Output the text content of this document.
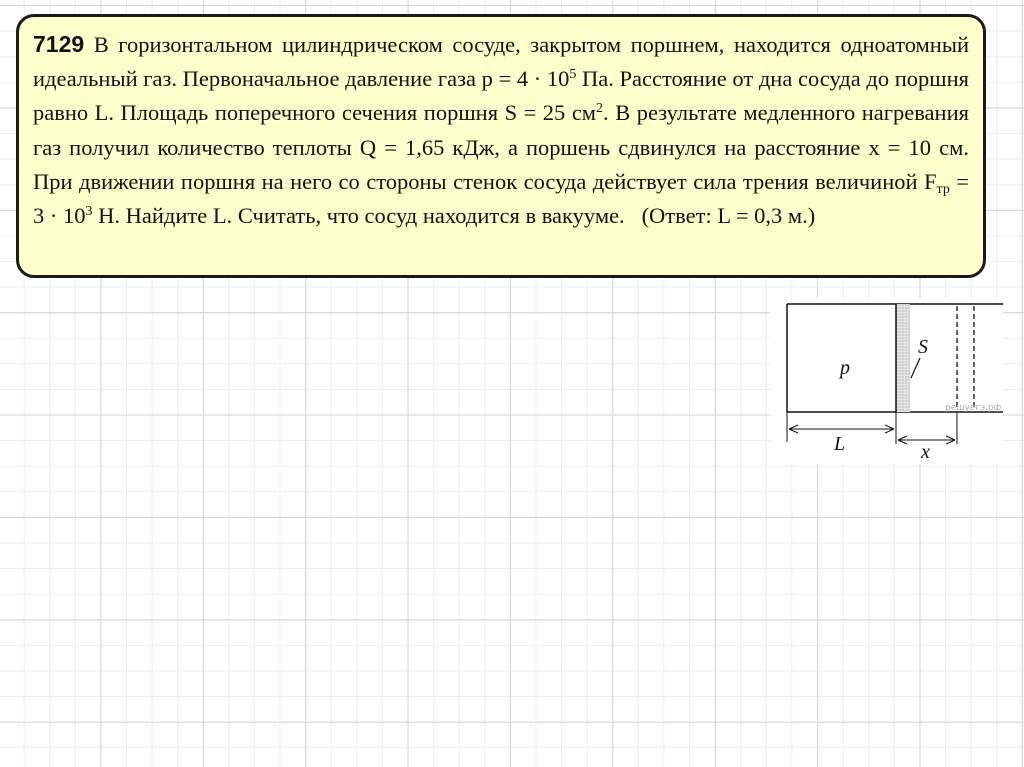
7129 В горизонтальном цилиндрическом сосуде, закрытом поршнем, находится одноатомный идеальный газ. Первоначальное давление газа $p = 4 \cdot 10^5$ Па. Расстояние от дна сосуда до поршня равно L. Площадь поперечного сечения поршня S = 25 $см^2$. В результате медленного нагревания газ получил количество теплоты Q = 1,65 кДж, а поршень сдвинулся на расстояние x = 10 см. При движении поршня на него со стороны стенок сосуда действует сила трения величиной $F_{тр} = 3 \cdot 10^3$ Н. Найдите L. Считать, что сосуд находится в вакууме.   (Ответ: L = 0,3 м.)
p
S
решуегэ.рф
L	x
